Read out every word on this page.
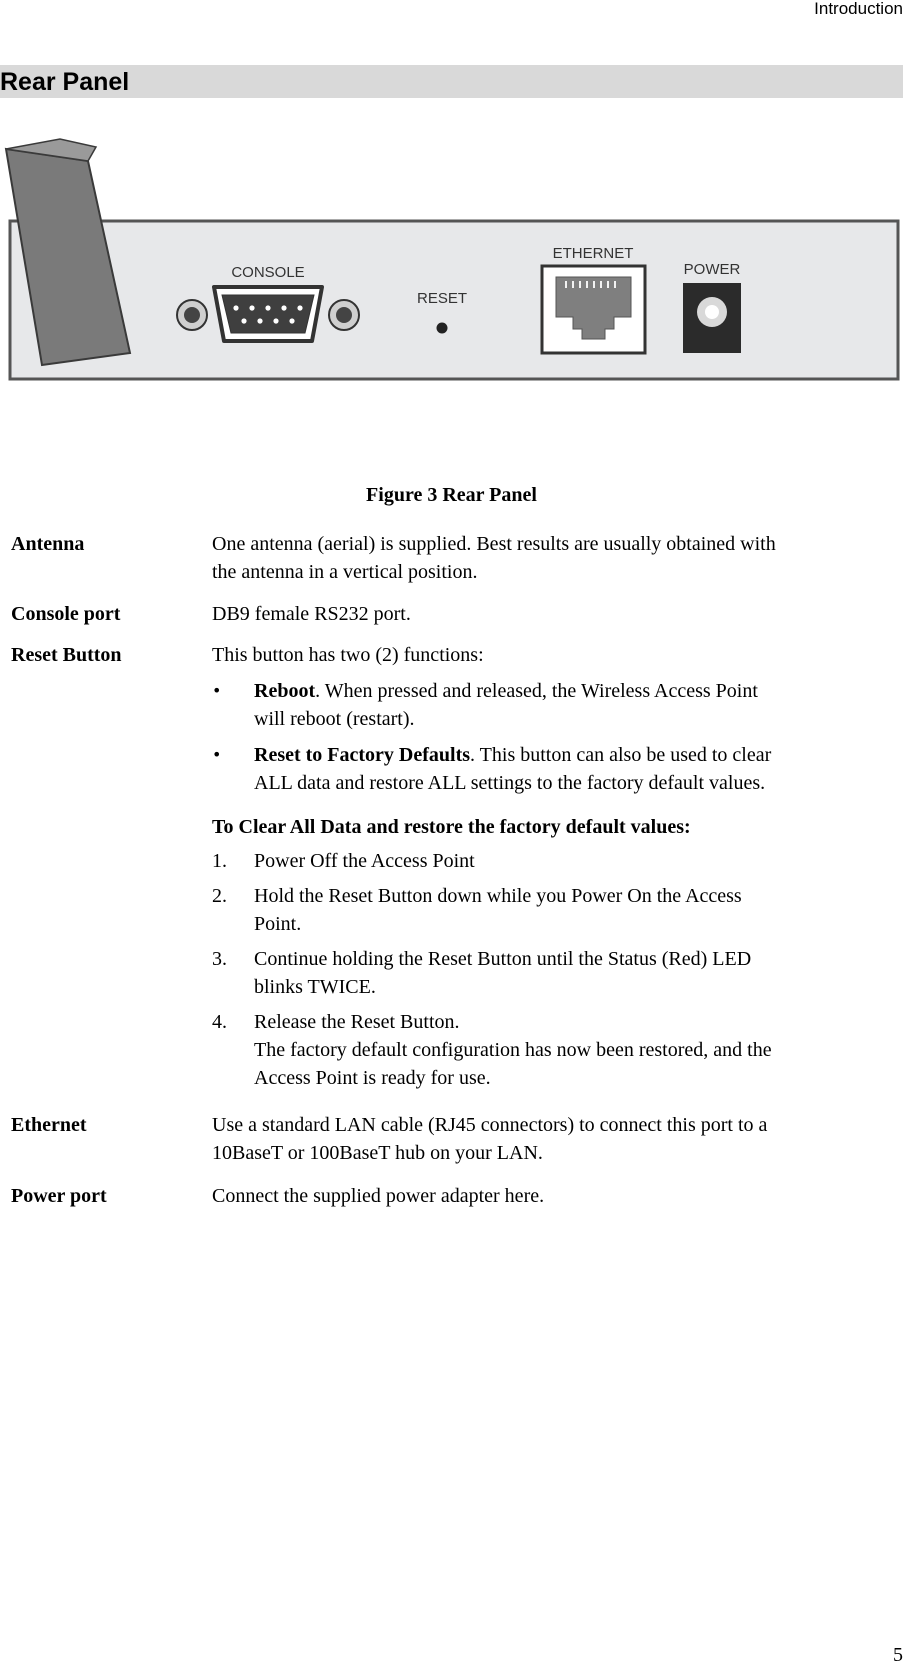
Introduction
Rear Panel
CONSOLE
RESET
ETHERNET
POWER
Figure 3 Rear Panel
Antenna	One antenna (aerial) is supplied. Best results are usually obtained with

the antenna in a vertical position.

Console port	DB9 female RS232 port.
Reset Button	This button has two (2) functions:

• Reboot. When pressed and released, the Wireless Access Point

will reboot (restart).

• Reset to Factory Defaults. This button can also be used to clear

ALL data and restore ALL settings to the factory default values.

To Clear All Data and restore the factory default values:

1. Power Off the Access Point

2. Hold the Reset Button down while you Power On the Access

Point.

3. Continue holding the Reset Button until the Status (Red) LED

blinks TWICE.

4. Release the Reset Button.

The factory default configuration has now been restored, and the

Access Point is ready for use.

Ethernet	Use a standard LAN cable (RJ45 connectors) to connect this port to a

10BaseT or 100BaseT hub on your LAN.

Power port	Connect the supplied power adapter here.
5
